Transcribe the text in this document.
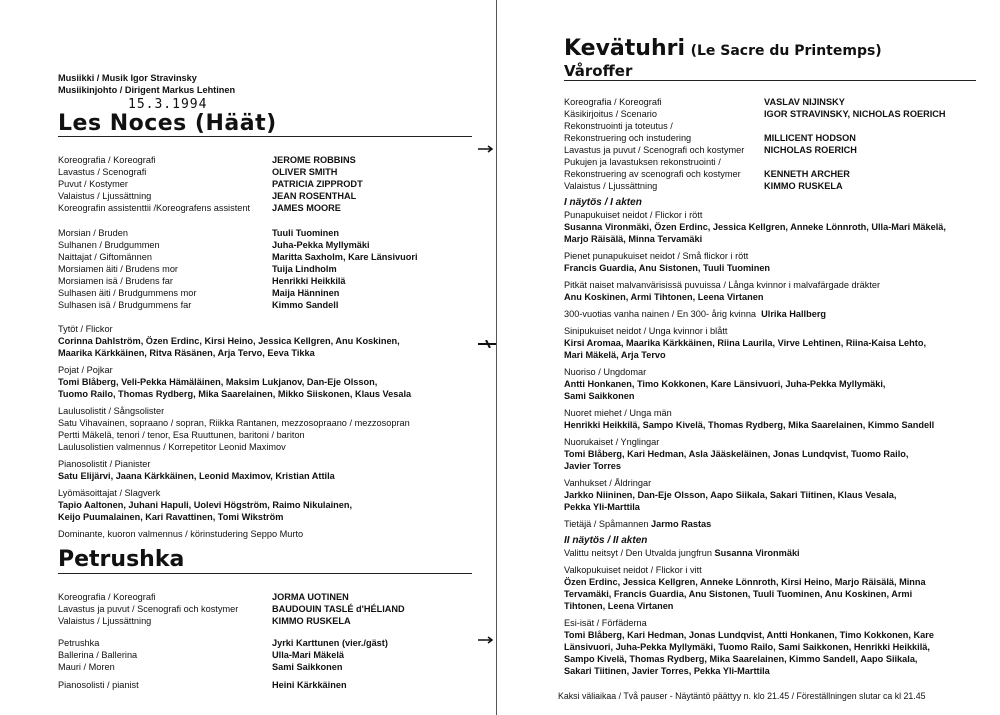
Musiikki / Musik Igor Stravinsky
Musiikinjohto / Dirigent Markus Lehtinen
15.3.1994
Les Noces (Häät)
Koreografia / Koreografi	JEROME ROBBINS
Lavastus / Scenografi	OLIVER SMITH
Puvut / Kostymer	PATRICIA ZIPPRODT
Valaistus / Ljussättning	JEAN ROSENTHAL
Koreografin assistenttii /Koreografens assistent JAMES MOORE
Morsian / Bruden	Tuuli Tuominen
Sulhanen / Brudgummen	Juha-Pekka Myllymäki
Naittajat / Giftomännen	Maritta Saxholm, Kare Länsivuori
Morsiamen äiti / Brudens mor	Tuija Lindholm
Morsiamen isä / Brudens far	Henrikki Heikkilä
Sulhasen äiti / Brudgummens mor	Maija Hänninen
Sulhasen isä / Brudgummens far	Kimmo Sandell
Tytöt / Flickor
Corinna Dahlström, Özen Erdinc, Kirsi Heino, Jessica Kellgren, Anu Koskinen,
Maarika Kärkkäinen, Ritva Räsänen, Arja Tervo, Eeva Tikka
Pojat / Pojkar
Tomi Blåberg, Veli-Pekka Hämäläinen, Maksim Lukjanov, Dan-Eje Olsson,
Tuomo Railo, Thomas Rydberg, Mika Saarelainen, Mikko Siiskonen, Klaus Vesala
Laulusolistit / Sångsolister
Satu Vihavainen, sopraano / sopran, Riikka Rantanen, mezzosopraano / mezzosopran
Pertti Mäkelä, tenori / tenor, Esa Ruuttunen, baritoni / bariton
Laulusolistien valmennus / Korrepetitor Leonid Maximov
Pianosolistit / Pianister
Satu Elijärvi, Jaana Kärkkäinen, Leonid Maximov, Kristian Attila
Lyömäsoittajat / Slagverk
Tapio Aaltonen, Juhani Hapuli, Uolevi Högström, Raimo Nikulainen,
Keijo Puumalainen, Kari Ravattinen, Tomi Wikström
Dominante, kuoron valmennus / körinstudering Seppo Murto
Petrushka
Koreografia / Koreografi	JORMA UOTINEN
Lavastus ja puvut / Scenografi och kostymer	BAUDOUIN TASLÉ d'HÉLIAND
Valaistus / Ljussättning	KIMMO RUSKELA
Petrushka	Jyrki Karttunen (vier./gäst)
Ballerina / Ballerina	Ulla-Mari Mäkelä
Mauri / Moren	Sami Saikkonen
Pianosolisti / pianist	Heini Kärkkäinen
Kevätuhri (Le Sacre du Printemps)
Våroffer
Koreografia / Koreografi	VASLAV NIJINSKY
Käsikirjoitus / Scenario	IGOR STRAVINSKY, NICHOLAS ROERICH
Rekonstruointi ja toteutus /
Rekonstruering och instudering	MILLICENT HODSON
Lavastus ja puvut / Scenografi och kostymer NICHOLAS ROERICH
Pukujen ja lavastuksen rekonstruointi /
Rekonstruering av scenografi och kostymer	KENNETH ARCHER
Valaistus / Ljussättning	KIMMO RUSKELA
I näytös / I akten
Punapukuiset neidot / Flickor i rött
Susanna Vironmäki, Özen Erdinc, Jessica Kellgren, Anneke Lönnroth, Ulla-Mari Mäkelä,
Marjo Räisälä, Minna Tervamäki
Pienet punapukuiset neidot / Små flickor i rött
Francis Guardia, Anu Sistonen, Tuuli Tuominen
Pitkät naiset malvanvärisissä puvuissa / Långa kvinnor i malvafärgade dräkter
Anu Koskinen, Armi Tihtonen, Leena Virtanen
300-vuotias vanha nainen / En 300- årig kvinna Ulrika Hallberg
Sinipukuiset neidot / Unga kvinnor i blått
Kirsi Aromaa, Maarika Kärkkäinen, Riina Laurila, Virve Lehtinen, Riina-Kaisa Lehto,
Mari Mäkelä, Arja Tervo
Nuoriso / Ungdomar
Antti Honkanen, Timo Kokkonen, Kare Länsivuori, Juha-Pekka Myllymäki,
Sami Saikkonen
Nuoret miehet / Unga män
Henrikki Heikkilä, Sampo Kivelä, Thomas Rydberg, Mika Saarelainen, Kimmo Sandell
Nuorukaiset / Ynglingar
Tomi Blåberg, Kari Hedman, Asla Jääskeläinen, Jonas Lundqvist, Tuomo Railo,
Javier Torres
Vanhukset / Åldringar
Jarkko Niininen, Dan-Eje Olsson, Aapo Siikala, Sakari Tiitinen, Klaus Vesala,
Pekka Yli-Marttila
Tietäjä / Spåmannen Jarmo Rastas
II näytös / II akten
Valittu neitsyt / Den Utvalda jungfrun Susanna Vironmäki
Valkopukuiset neidot / Flickor i vitt
Özen Erdinc, Jessica Kellgren, Anneke Lönnroth, Kirsi Heino, Marjo Räisälä, Minna
Tervamäki, Francis Guardia, Anu Sistonen, Tuuli Tuominen, Anu Koskinen, Armi
Tihtonen, Leena Virtanen
Esi-isät / Förfäderna
Tomi Blåberg, Kari Hedman, Jonas Lundqvist, Antti Honkanen, Timo Kokkonen, Kare
Länsivuori, Juha-Pekka Myllymäki, Tuomo Railo, Sami Saikkonen, Henrikki Heikkilä,
Sampo Kivelä, Thomas Rydberg, Mika Saarelainen, Kimmo Sandell, Aapo Siikala,
Sakari Tiitinen, Javier Torres, Pekka Yli-Marttila
Kaksi väliaikaa / Två pauser - Näytäntö päättyy n. klo 21.45 / Föreställningen slutar ca kl 21.45
